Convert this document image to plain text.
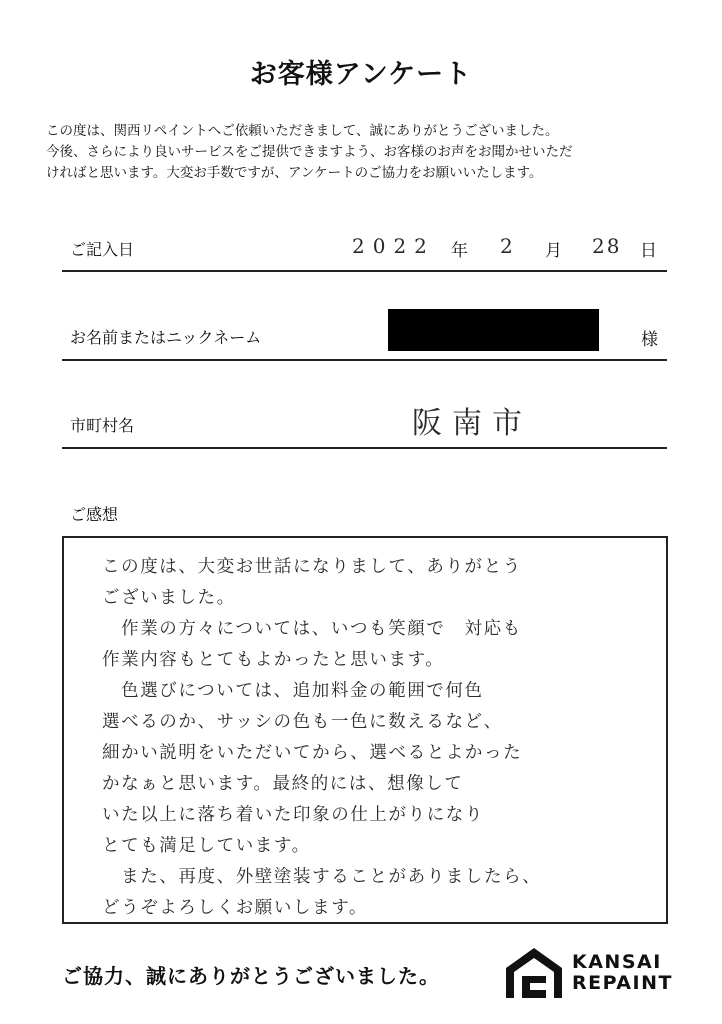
お客様アンケート
この度は、関西リペイントへご依頼いただきまして、誠にありがとうございました。
今後、さらにより良いサービスをご提供できますよう、お客様のお声をお聞かせいただ
ければと思います。大変お手数ですが、アンケートのご協力をお願いいたします。
ご記入日	2022 年 2 月 28 日
お名前またはニックネーム	様
市町村名	阪南市
ご感想
この度は、大変お世話になりまして、ありがとう
ございました。
　作業の方々については、いつも笑顔で　対応も
作業内容もとてもよかったと思います。
　色選びについては、追加料金の範囲で何色
選べるのか、サッシの色も一色に数えるなど、
細かい説明をいただいてから、選べるとよかった
かなぁと思います。最終的には、想像して
いた以上に落ち着いた印象の仕上がりになり
とても満足しています。
　また、再度、外壁塗装することがありましたら、
どうぞよろしくお願いします。
ご協力、誠にありがとうございました。
KANSAI
REPAINT
